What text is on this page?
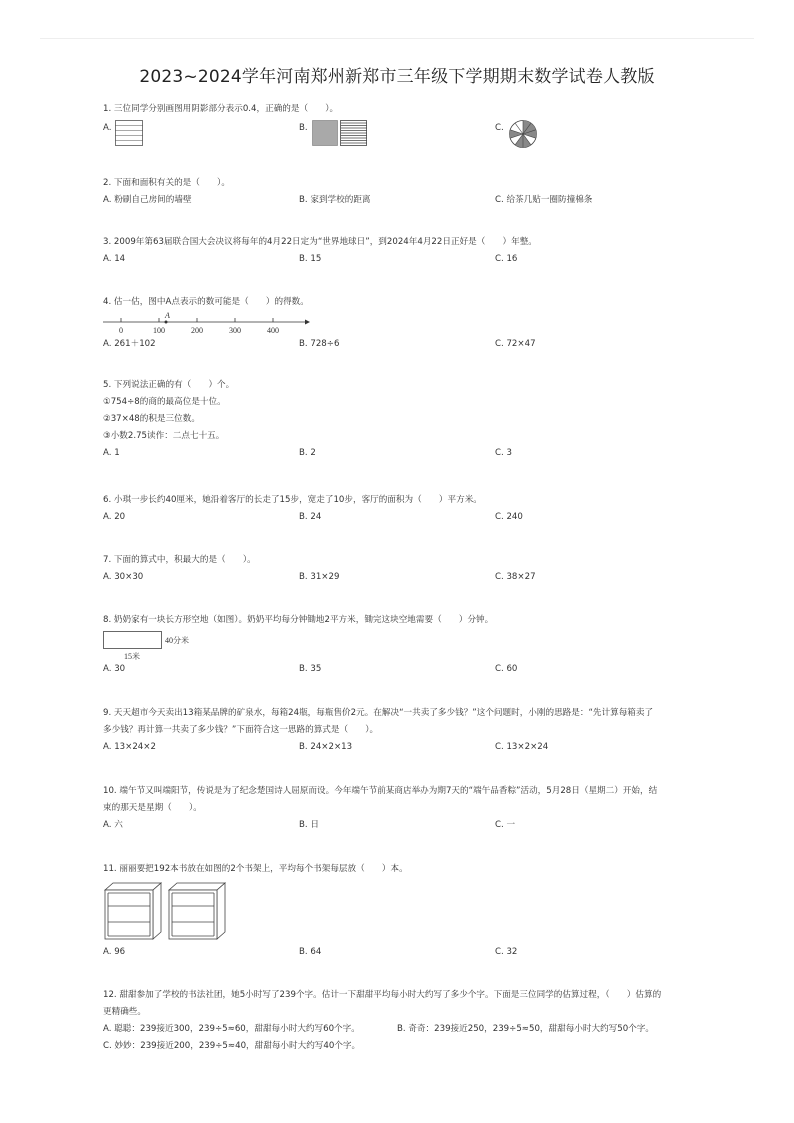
2023~2024学年河南郑州新郑市三年级下学期期末数学试卷人教版
1. 三位同学分别画图用阴影部分表示0.4，正确的是（　　）。
A.	B.	C.
2. 下面和面积有关的是（　　）。
A. 粉刷自己房间的墙壁	B. 家到学校的距离	C. 给茶几贴一圈防撞棉条
3. 2009年第63届联合国大会决议将每年的4月22日定为“世界地球日”，到2024年4月22日正好是（　　）年整。
A. 14	B. 15	C. 16
4. 估一估，图中A点表示的数可能是（　　）的得数。
A
0	100	200	300	400
A. 261＋102	B. 728÷6	C. 72×47
5. 下列说法正确的有（　　）个。
①754÷8的商的最高位是十位。
②37×48的积是三位数。
③小数2.75读作：二点七十五。
A. 1	B. 2	C. 3
6. 小琪一步长约40厘米，她沿着客厅的长走了15步，宽走了10步，客厅的面积为（　　）平方米。
A. 20	B. 24	C. 240
7. 下面的算式中，积最大的是（　　）。
A. 30×30	B. 31×29	C. 38×27
8. 奶奶家有一块长方形空地（如图）。奶奶平均每分钟锄地2平方米，锄完这块空地需要（　　）分钟。
40分米
15米
A. 30	B. 35	C. 60
9. 天天超市今天卖出13箱某品牌的矿泉水，每箱24瓶，每瓶售价2元。在解决“一共卖了多少钱？”这个问题时，小刚的思路是：“先计算每箱卖了
多少钱？再计算一共卖了多少钱？”下面符合这一思路的算式是（　　）。
A. 13×24×2	B. 24×2×13	C. 13×2×24
10. 端午节又叫端阳节，传说是为了纪念楚国诗人屈原而设。今年端午节前某商店举办为期7天的“端午品香粽”活动，5月28日（星期二）开始，结
束的那天是星期（　　）。
A. 六	B. 日	C. 一
11. 丽丽要把192本书放在如图的2个书架上，平均每个书架每层放（　　）本。
A. 96	B. 64	C. 32
12. 甜甜参加了学校的书法社团，她5小时写了239个字。估计一下甜甜平均每小时大约写了多少个字。下面是三位同学的估算过程，（　　）估算的
更精确些。
A. 聪聪：239接近300，239÷5≈60，甜甜每小时大约写60个字。	B. 奇奇：239接近250，239÷5≈50，甜甜每小时大约写50个字。
C. 妙妙：239接近200，239÷5≈40，甜甜每小时大约写40个字。
